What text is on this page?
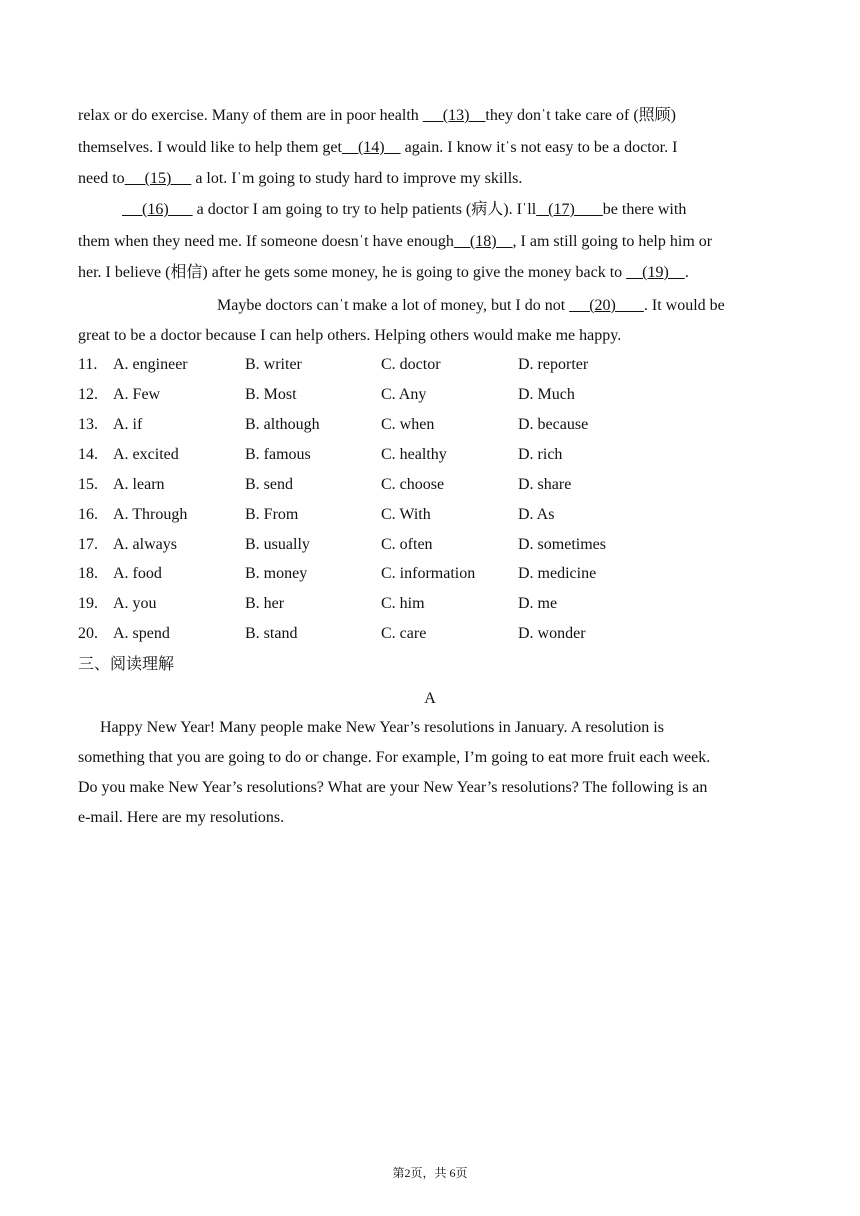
relax or do exercise. Many of them are in poor health      (13)    they donˈt take care of (照顾)
themselves. I would like to help them get    (14)     again. I know itˈs not easy to be a doctor. I
need to     (15)      a lot. Iˈm going to study hard to improve my skills.
(16)       a doctor I am going to try to help patients (病人). Iˈll   (17)       be there with
them when they need me. If someone doesnˈt have enough    (18)    , I am still going to help him or
her. I believe (相信) after he gets some money, he is going to give the money back to     (19)    .
Maybe doctors canˈt make a lot of money, but I do not      (20)       . It would be
great to be a doctor because I can help others. Helping others would make me happy.
11. A. engineer	B. writer	C. doctor	D. reporter
12. A. Few	B. Most	C. Any	D. Much
13. A. if	B. although	C. when	D. because
14. A. excited	B. famous	C. healthy	D. rich
15. A. learn	B. send	C. choose	D. share
16. A. Through	B. From	C. With	D. As
17. A. always	B. usually	C. often	D. sometimes
18. A. food	B. money	C. information	D. medicine
19. A. you	B. her	C. him	D. me
20. A. spend	B. stand	C. care	D. wonder
三、阅读理解
A
Happy New Year! Many people make New Year’s resolutions in January. A resolution is
something that you are going to do or change. For example, I’m going to eat more fruit each week.
Do you make New Year’s resolutions? What are your New Year’s resolutions? The following is an
e-mail. Here are my resolutions.
第2页，共 6页
